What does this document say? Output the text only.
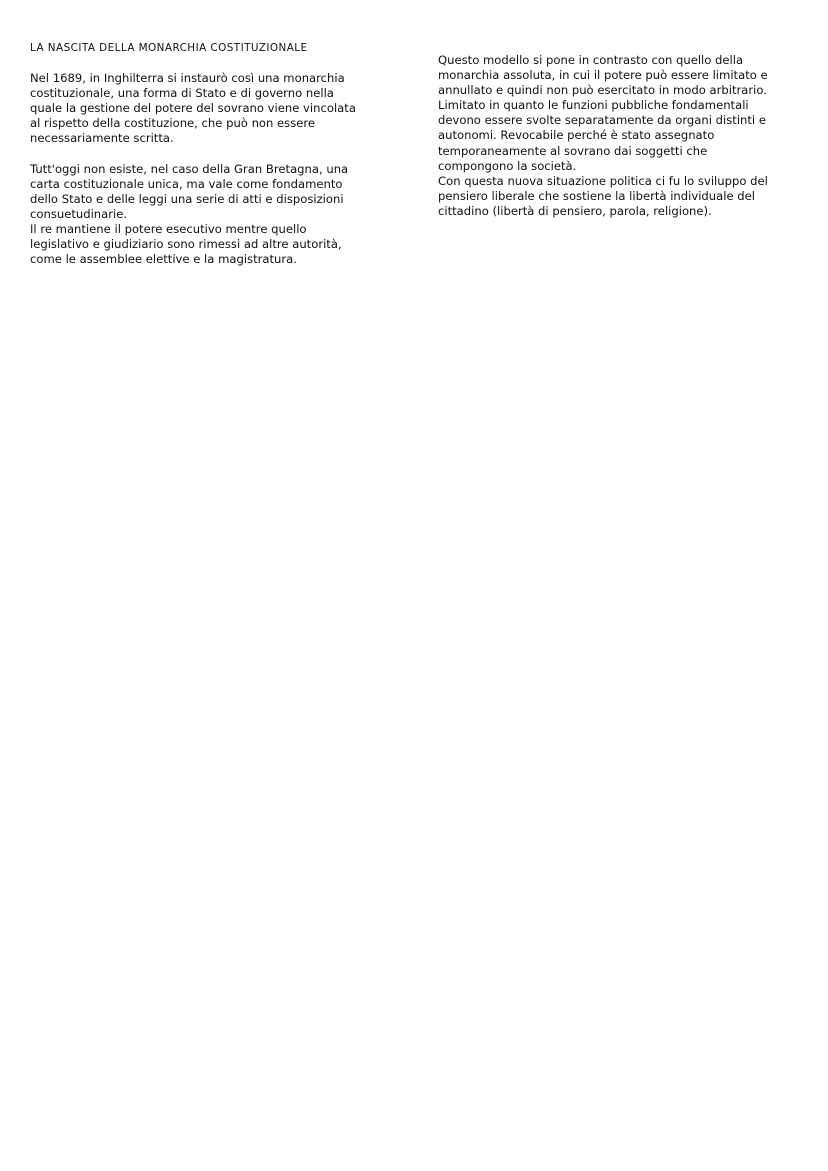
LA NASCITA DELLA MONARCHIA COSTITUZIONALE
Nel 1689, in Inghilterra si instaurò così una monarchia
costituzionale, una forma di Stato e di governo nella
quale la gestione del potere del sovrano viene vincolata
al rispetto della costituzione, che può non essere
necessariamente scritta.
Tutt'oggi non esiste, nel caso della Gran Bretagna, una
carta costituzionale unica, ma vale come fondamento
dello Stato e delle leggi una serie di atti e disposizioni
consuetudinarie.
Il re mantiene il potere esecutivo mentre quello
legislativo e giudiziario sono rimessi ad altre autorità,
come le assemblee elettive e la magistratura.
Questo modello si pone in contrasto con quello della
monarchia assoluta, in cui il potere può essere limitato e
annullato e quindi non può esercitato in modo arbitrario.
Limitato in quanto le funzioni pubbliche fondamentali
devono essere svolte separatamente da organi distinti e
autonomi. Revocabile perché è stato assegnato
temporaneamente al sovrano dai soggetti che
compongono la società.
Con questa nuova situazione politica ci fu lo sviluppo del
pensiero liberale che sostiene la libertà individuale del
cittadino (libertà di pensiero, parola, religione).
